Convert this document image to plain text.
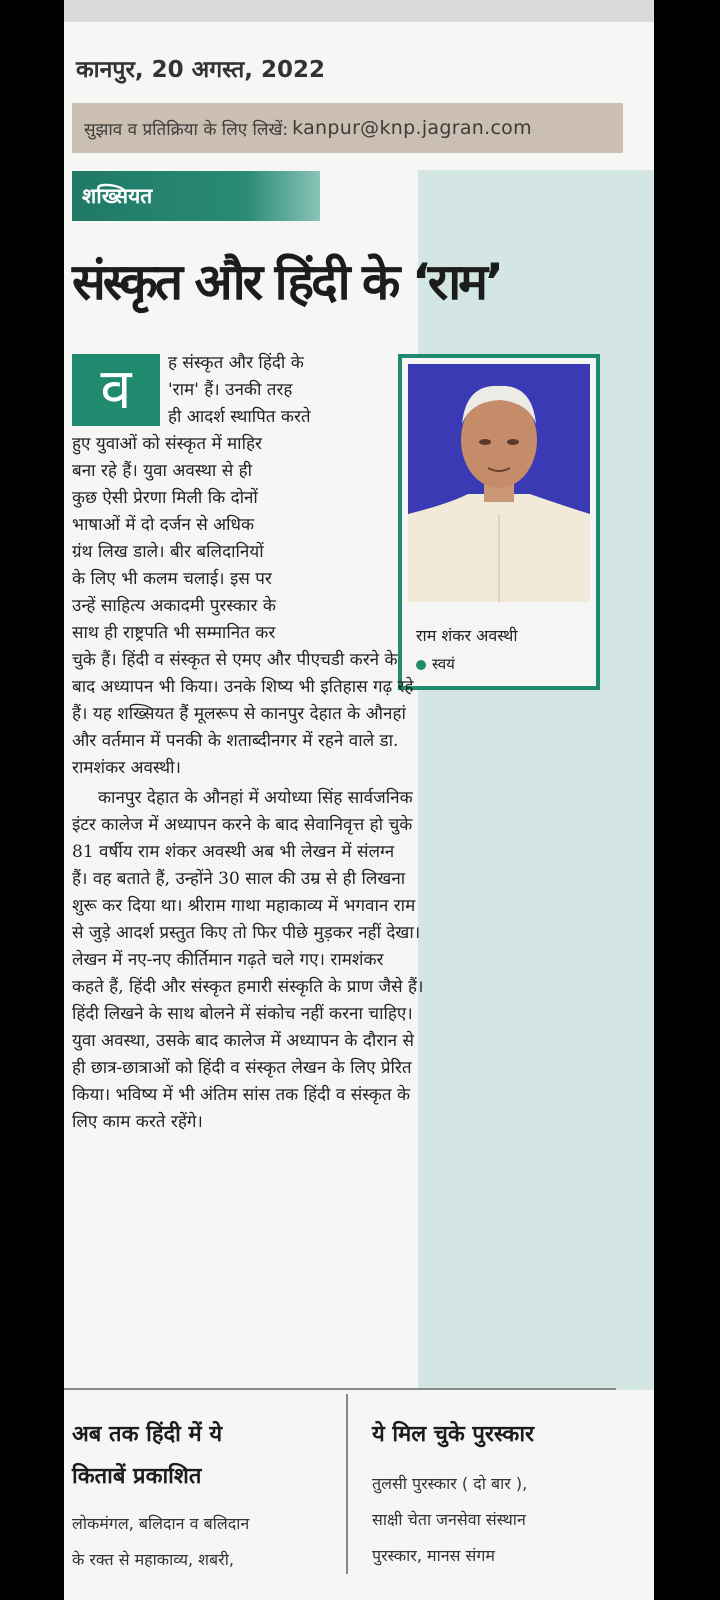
कानपुर, 20 अगस्त, 2022
सुझाव व प्रतिक्रिया के लिए लिखें: kanpur@knp.jagran.com
शख्सियत
संस्कृत और हिंदी के ‘राम’
व
राम शंकर अवस्थी
स्वयं
ह संस्कृत और हिंदी के
'राम' हैं। उनकी तरह
ही आदर्श स्थापित करते
हुए युवाओं को संस्कृत में माहिर
बना रहे हैं। युवा अवस्था से ही
कुछ ऐसी प्रेरणा मिली कि दोनों
भाषाओं में दो दर्जन से अधिक
ग्रंथ लिख डाले। बीर बलिदानियों
के लिए भी कलम चलाई। इस पर
उन्हें साहित्य अकादमी पुरस्कार के
साथ ही राष्ट्रपति भी सम्मानित कर
चुके हैं। हिंदी व संस्कृत से एमए और पीएचडी करने के
बाद अध्यापन भी किया। उनके शिष्य भी इतिहास गढ़ रहे
हैं। यह शख्सियत हैं मूलरूप से कानपुर देहात के औनहां
और वर्तमान में पनकी के शताब्दीनगर में रहने वाले डा.
रामशंकर अवस्थी।
कानपुर देहात के औनहां में अयोध्या सिंह सार्वजनिक
इंटर कालेज में अध्यापन करने के बाद सेवानिवृत्त हो चुके
81 वर्षीय राम शंकर अवस्थी अब भी लेखन में संलग्न
हैं। वह बताते हैं, उन्होंने 30 साल की उम्र से ही लिखना
शुरू कर दिया था। श्रीराम गाथा महाकाव्य में भगवान राम
से जुड़े आदर्श प्रस्तुत किए तो फिर पीछे मुड़कर नहीं देखा।
लेखन में नए-नए कीर्तिमान गढ़ते चले गए। रामशंकर
कहते हैं, हिंदी और संस्कृत हमारी संस्कृति के प्राण जैसे हैं।
हिंदी लिखने के साथ बोलने में संकोच नहीं करना चाहिए।
युवा अवस्था, उसके बाद कालेज में अध्यापन के दौरान से
ही छात्र-छात्राओं को हिंदी व संस्कृत लेखन के लिए प्रेरित
किया। भविष्य में भी अंतिम सांस तक हिंदी व संस्कृत के
लिए काम करते रहेंगे।
अब तक हिंदी में ये
किताबें प्रकाशित
लोकमंगल, बलिदान व बलिदान
के रक्त से महाकाव्य, शबरी,
ये मिल चुके पुरस्कार
तुलसी पुरस्कार ( दो बार ),
साक्षी चेता जनसेवा संस्थान
पुरस्कार, मानस संगम
